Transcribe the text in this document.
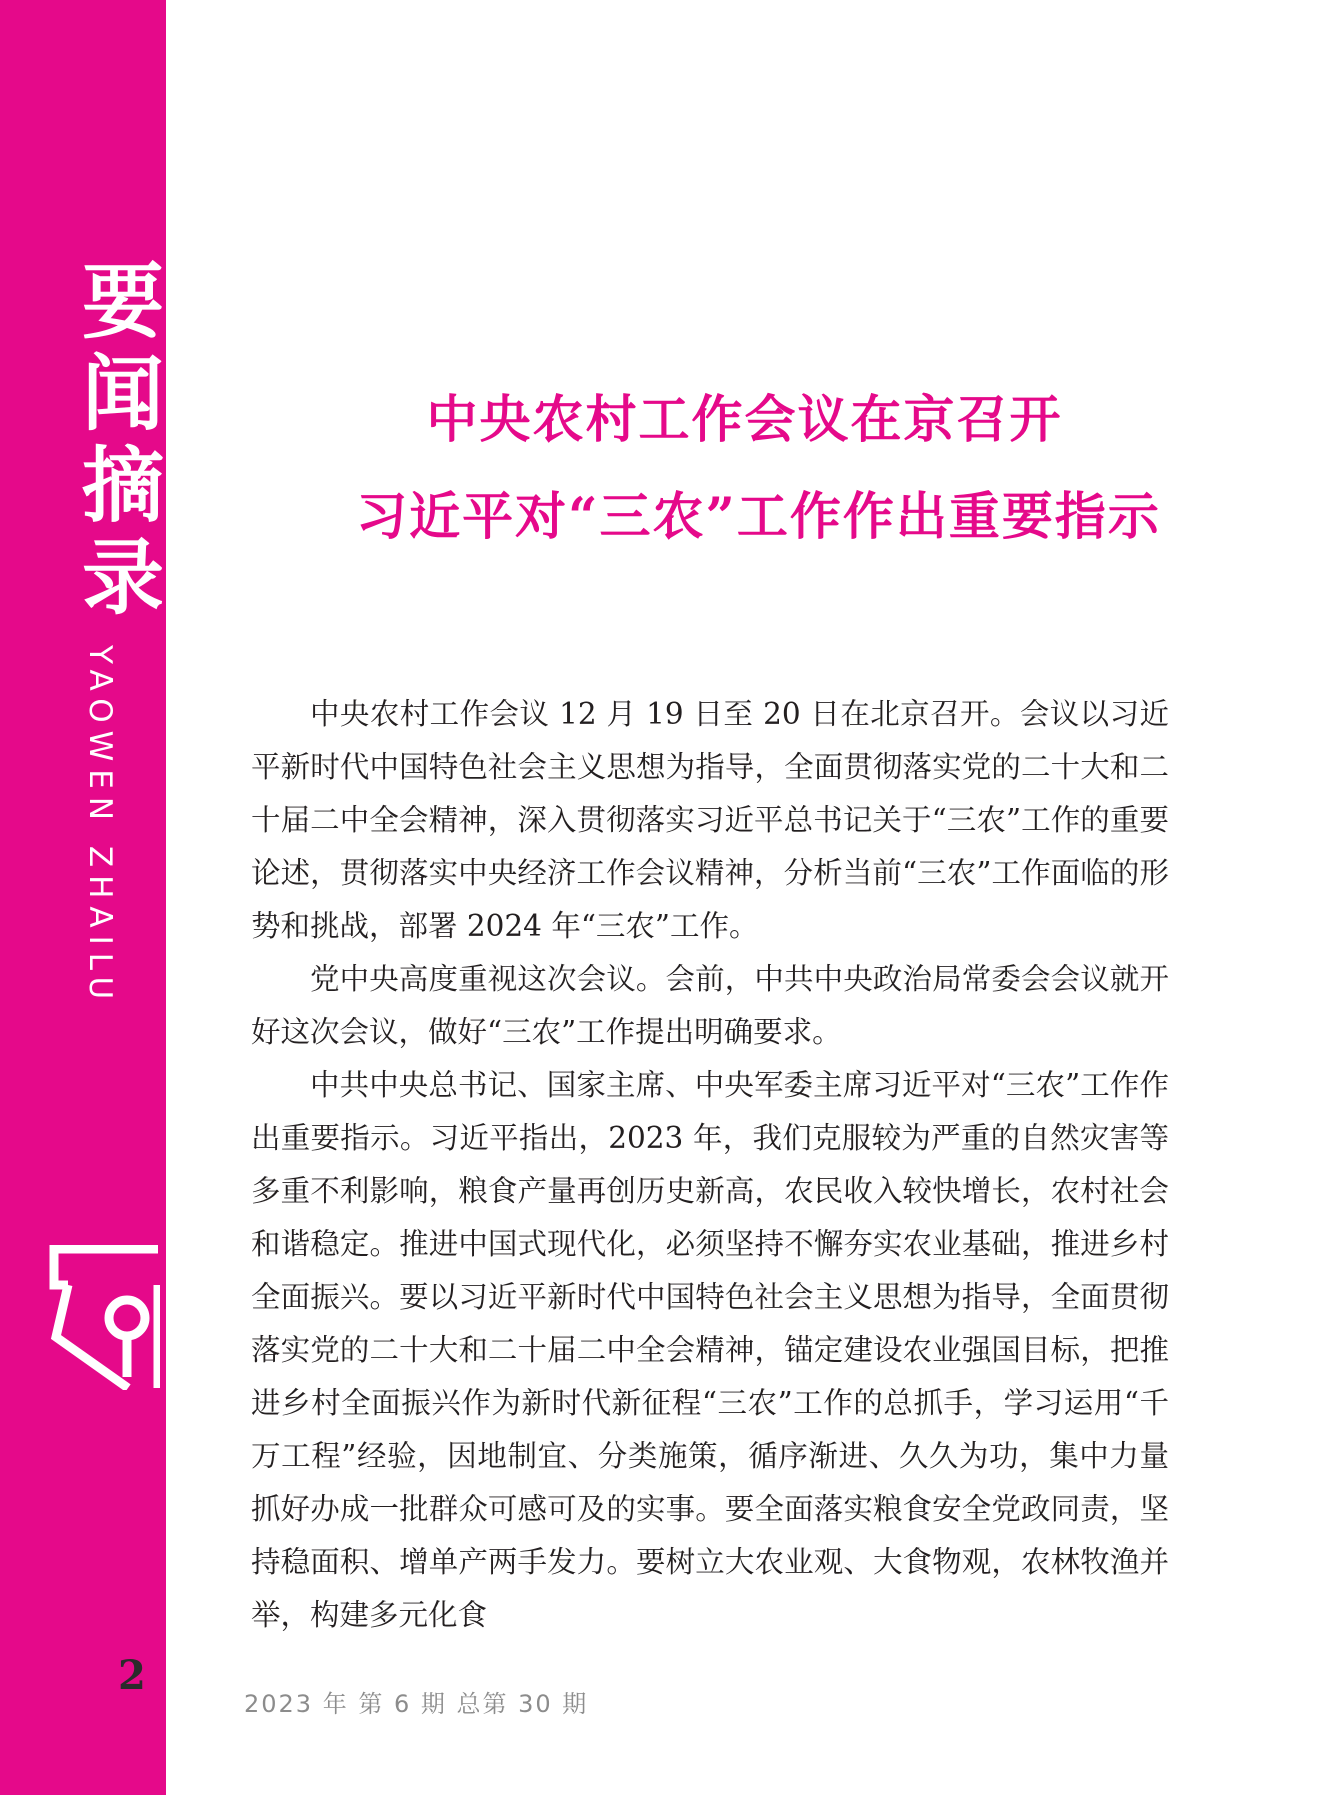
要
闻
摘
录
YAOWEN ZHAILU
中央农村工作会议在京召开
习近平对“三农”工作作出重要指示

中央农村工作会议 12 月 19 日至 20 日在北京召开。会议以习近平新时代中国特色社会主义思想为指导，全面贯彻落实党的二十大和二十届二中全会精神，深入贯彻落实习近平总书记关于“三农”工作的重要论述，贯彻落实中央经济工作会议精神，分析当前“三农”工作面临的形势和挑战，部署 2024 年“三农”工作。

党中央高度重视这次会议。会前，中共中央政治局常委会会议就开好这次会议，做好“三农”工作提出明确要求。

中共中央总书记、国家主席、中央军委主席习近平对“三农”工作作出重要指示。习近平指出，2023 年，我们克服较为严重的自然灾害等多重不利影响，粮食产量再创历史新高，农民收入较快增长，农村社会和谐稳定。推进中国式现代化，必须坚持不懈夯实农业基础，推进乡村全面振兴。要以习近平新时代中国特色社会主义思想为指导，全面贯彻落实党的二十大和二十届二中全会精神，锚定建设农业强国目标，把推进乡村全面振兴作为新时代新征程“三农”工作的总抓手，学习运用“千万工程”经验，因地制宜、分类施策，循序渐进、久久为功，集中力量抓好办成一批群众可感可及的实事。要全面落实粮食安全党政同责，坚持稳面积、增单产两手发力。要树立大农业观、大食物观，农林牧渔并举，构建多元化食

2
2023 年 第 6 期 总第 30 期
